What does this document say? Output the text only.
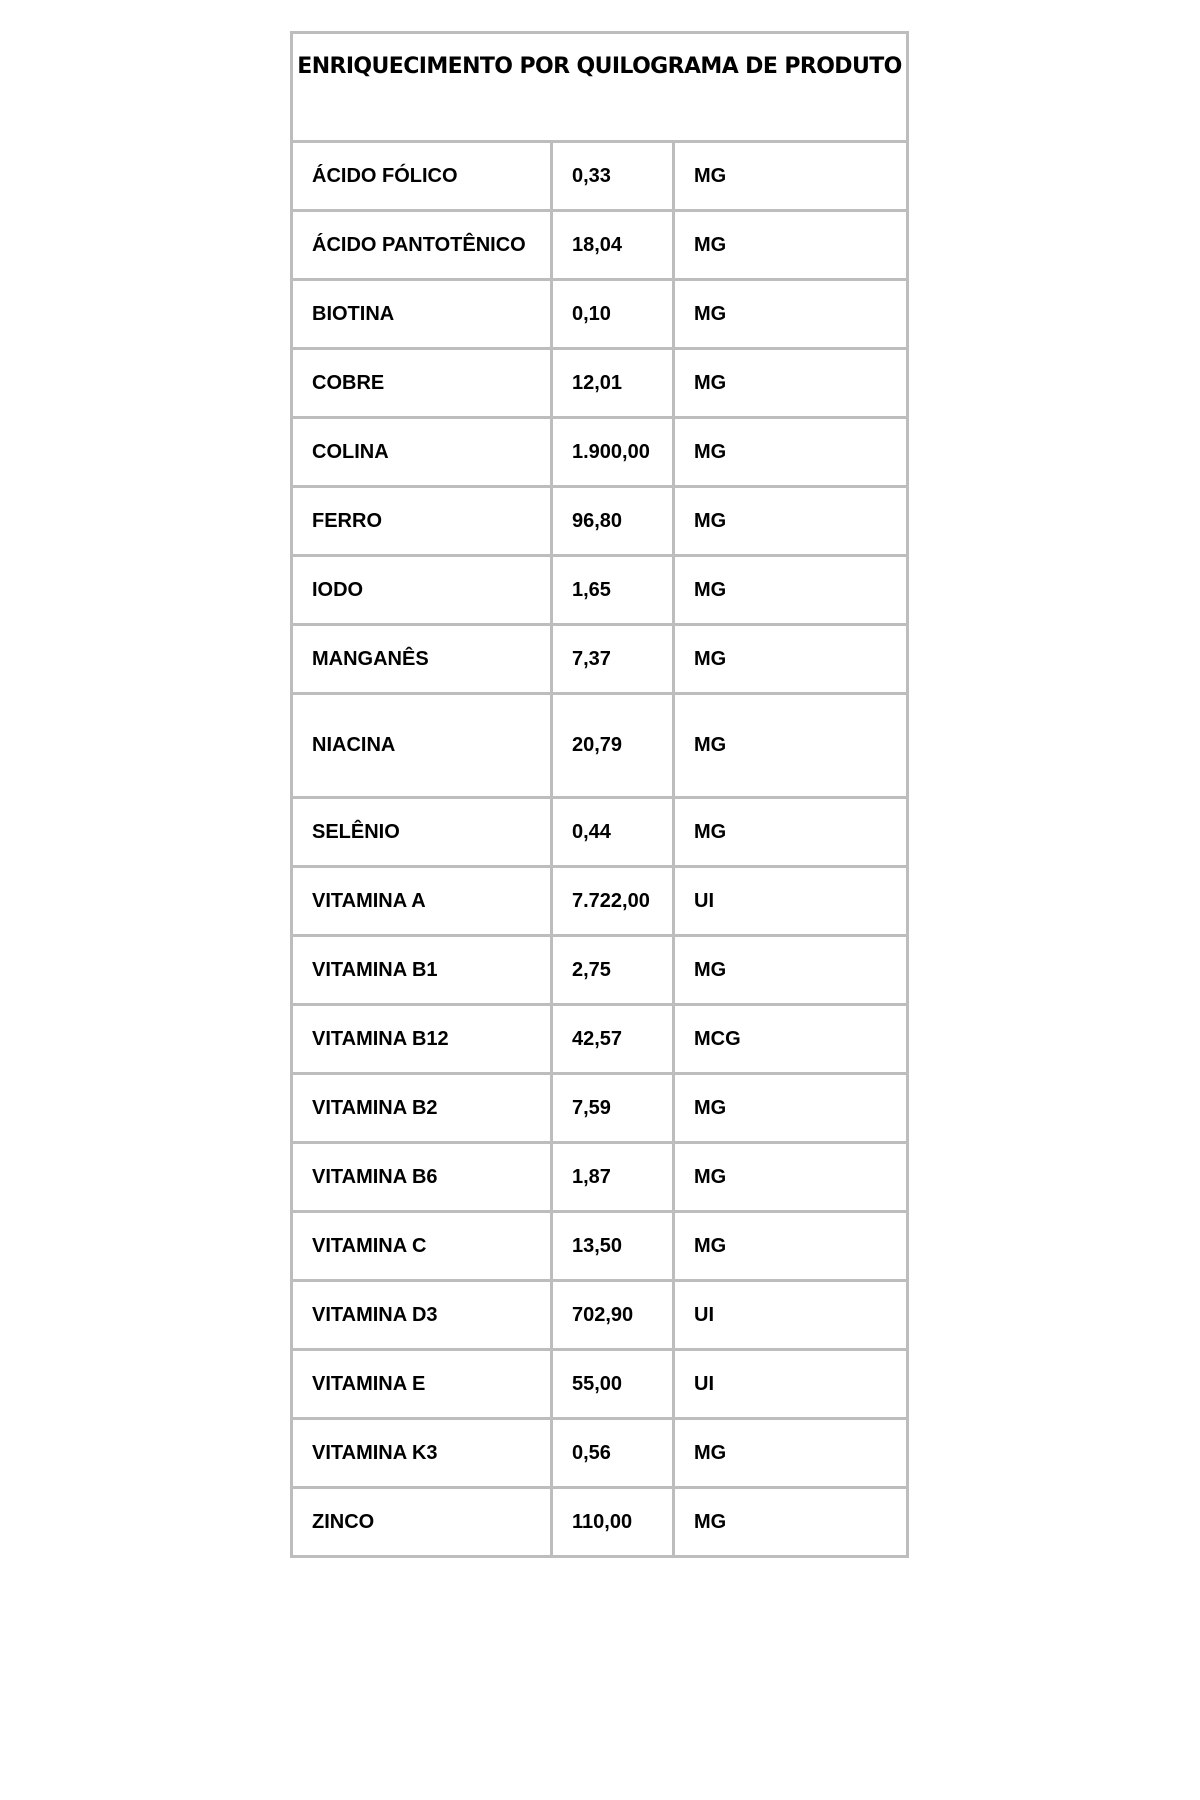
ENRIQUECIMENTO POR QUILOGRAMA DE PRODUTO		
ÁCIDO FÓLICO	0,33	MG
ÁCIDO PANTOTÊNICO	18,04	MG
BIOTINA	0,10	MG
COBRE	12,01	MG
COLINA	1.900,00	MG
FERRO	96,80	MG
IODO	1,65	MG
MANGANÊS	7,37	MG
NIACINA	20,79	MG
SELÊNIO	0,44	MG
VITAMINA A	7.722,00	UI
VITAMINA B1	2,75	MG
VITAMINA B12	42,57	MCG
VITAMINA B2	7,59	MG
VITAMINA B6	1,87	MG
VITAMINA C	13,50	MG
VITAMINA D3	702,90	UI
VITAMINA E	55,00	UI
VITAMINA K3	0,56	MG
ZINCO	110,00	MG
